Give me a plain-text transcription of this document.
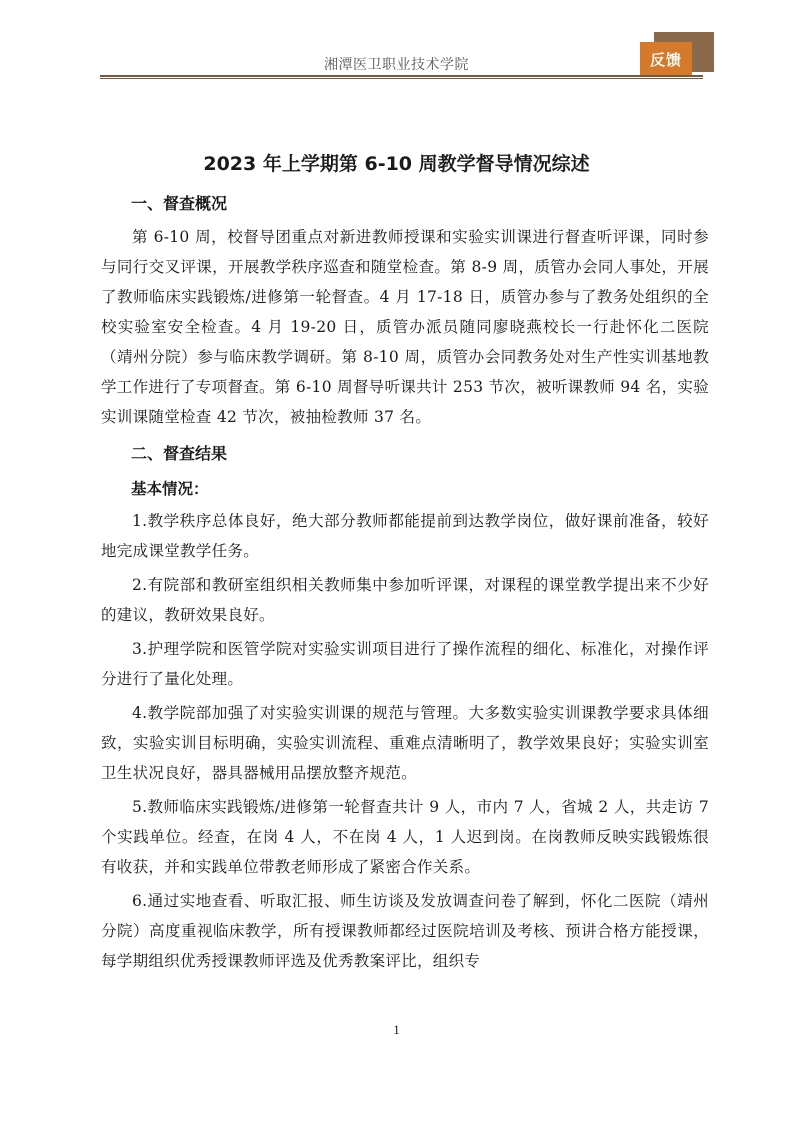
湘潭医卫职业技术学院	反馈
2023 年上学期第 6-10 周教学督导情况综述
一、督查概况

第 6-10 周，校督导团重点对新进教师授课和实验实训课进行督查听评课，同时参与同行交叉评课，开展教学秩序巡查和随堂检查。第 8-9 周，质管办会同人事处，开展了教师临床实践锻炼/进修第一轮督查。4 月 17-18 日，质管办参与了教务处组织的全校实验室安全检查。4 月 19-20 日，质管办派员随同廖晓燕校长一行赴怀化二医院（靖州分院）参与临床教学调研。第 8-10 周，质管办会同教务处对生产性实训基地教学工作进行了专项督查。第 6-10 周督导听课共计 253 节次，被听课教师 94 名，实验实训课随堂检查 42 节次，被抽检教师 37 名。

二、督查结果
基本情况：

1.教学秩序总体良好，绝大部分教师都能提前到达教学岗位，做好课前准备，较好地完成课堂教学任务。

2.有院部和教研室组织相关教师集中参加听评课，对课程的课堂教学提出来不少好的建议，教研效果良好。

3.护理学院和医管学院对实验实训项目进行了操作流程的细化、标准化，对操作评分进行了量化处理。

4.教学院部加强了对实验实训课的规范与管理。大多数实验实训课教学要求具体细致，实验实训目标明确，实验实训流程、重难点清晰明了，教学效果良好；实验实训室卫生状况良好，器具器械用品摆放整齐规范。

5.教师临床实践锻炼/进修第一轮督查共计 9 人，市内 7 人，省城 2 人，共走访 7 个实践单位。经查，在岗 4 人，不在岗 4 人，1 人迟到岗。在岗教师反映实践锻炼很有收获，并和实践单位带教老师形成了紧密合作关系。

6.通过实地查看、听取汇报、师生访谈及发放调查问卷了解到，怀化二医院（靖州分院）高度重视临床教学，所有授课教师都经过医院培训及考核、预讲合格方能授课，每学期组织优秀授课教师评选及优秀教案评比，组织专

1
